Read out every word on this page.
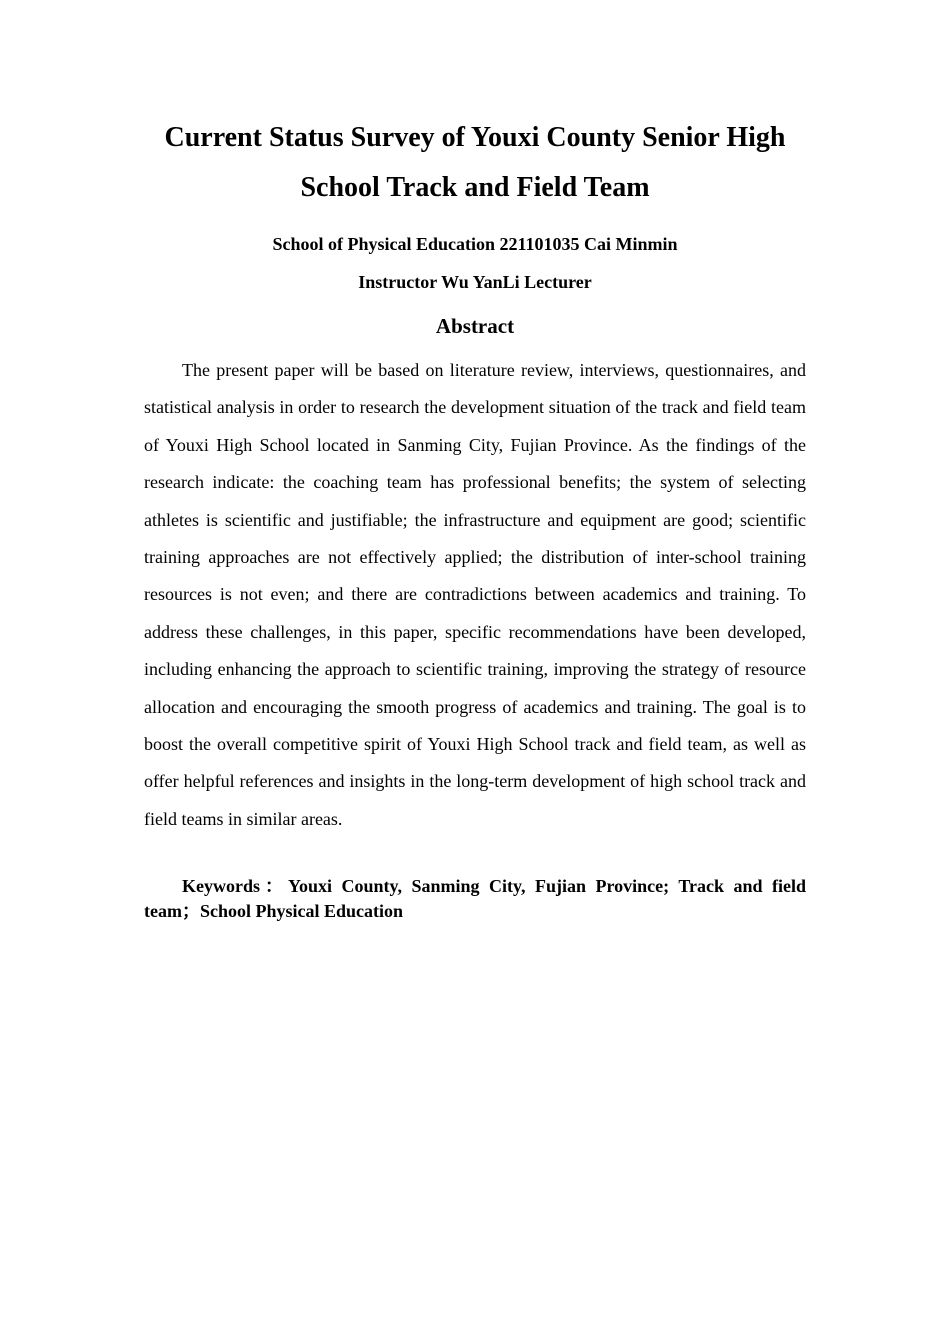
Current Status Survey of Youxi County Senior High
School Track and Field Team

School of Physical Education 221101035 Cai Minmin

Instructor Wu YanLi Lecturer

Abstract

The present paper will be based on literature review, interviews, questionnaires, and statistical analysis in order to research the development situation of the track and field team of Youxi High School located in Sanming City, Fujian Province. As the findings of the research indicate: the coaching team has professional benefits; the system of selecting athletes is scientific and justifiable; the infrastructure and equipment are good; scientific training approaches are not effectively applied; the distribution of inter-school training resources is not even; and there are contradictions between academics and training. To address these challenges, in this paper, specific recommendations have been developed, including enhancing the approach to scientific training, improving the strategy of resource allocation and encouraging the smooth progress of academics and training. The goal is to boost the overall competitive spirit of Youxi High School track and field team, as well as offer helpful references and insights in the long-term development of high school track and field teams in similar areas.

Keywords：Youxi County, Sanming City, Fujian Province; Track and field team；School Physical Education
